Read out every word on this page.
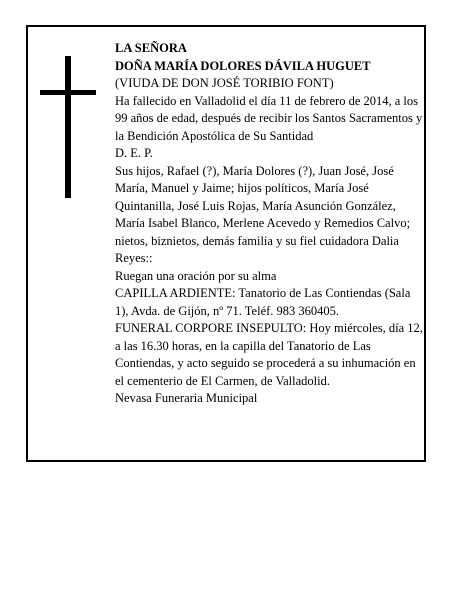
LA SEÑORA

DOÑA MARÍA DOLORES DÁVILA HUGUET

(VIUDA DE DON JOSÉ TORIBIO FONT)

Ha fallecido en Valladolid el día 11 de febrero de 2014, a los 99 años de edad, después de recibir los Santos Sacramentos y la Bendición Apostólica de Su Santidad

D. E. P.

Sus hijos, Rafael (?), María Dolores (?), Juan José, José María, Manuel y Jaime; hijos políticos, María José Quintanilla, José Luis Rojas, María Asunción González, María Isabel Blanco, Merlene Acevedo y Remedios Calvo; nietos, biznietos, demás familia y su fiel cuidadora Dalia Reyes::

Ruegan una oración por su alma

CAPILLA ARDIENTE: Tanatorio de Las Contiendas (Sala 1), Avda. de Gijón, nº 71. Teléf. 983 360405.

FUNERAL CORPORE INSEPULTO: Hoy miércoles, día 12, a las 16.30 horas, en la capilla del Tanatorio de Las Contiendas, y acto seguido se procederá a su inhumación en el cementerio de El Carmen, de Valladolid.

Nevasa Funeraria Municipal
